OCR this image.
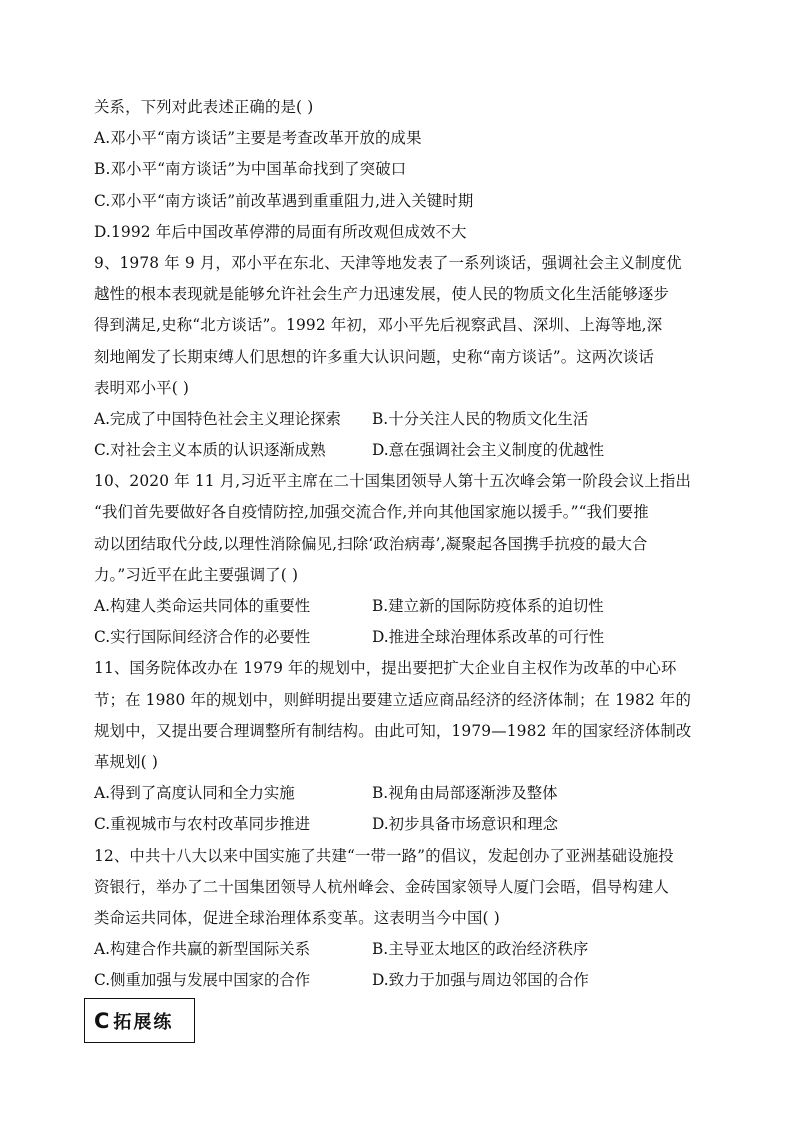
关系，下列对此表述正确的是( )
A.邓小平“南方谈话”主要是考查改革开放的成果
B.邓小平“南方谈话”为中国革命找到了突破口
C.邓小平“南方谈话”前改革遇到重重阻力,进入关键时期
D.1992 年后中国改革停滞的局面有所改观但成效不大
9、1978 年 9 月，邓小平在东北、天津等地发表了一系列谈话，强调社会主义制度优
越性的根本表现就是能够允许社会生产力迅速发展，使人民的物质文化生活能够逐步
得到满足,史称“北方谈话”。1992 年初，邓小平先后视察武昌、深圳、上海等地,深
刻地阐发了长期束缚人们思想的许多重大认识问题，史称“南方谈话”。这两次谈话
表明邓小平( )
A.完成了中国特色社会主义理论探索	B.十分关注人民的物质文化生活
C.对社会主义本质的认识逐渐成熟	D.意在强调社会主义制度的优越性
10、2020 年 11 月,习近平主席在二十国集团领导人第十五次峰会第一阶段会议上指出
“我们首先要做好各自疫情防控,加强交流合作,并向其他国家施以援手。”“我们要推
动以团结取代分歧,以理性消除偏见,扫除‘政治病毒’,凝聚起各国携手抗疫的最大合
力。”习近平在此主要强调了( )
A.构建人类命运共同体的重要性	B.建立新的国际防疫体系的迫切性
C.实行国际间经济合作的必要性	D.推进全球治理体系改革的可行性
11、国务院体改办在 1979 年的规划中，提出要把扩大企业自主权作为改革的中心环
节；在 1980 年的规划中，则鲜明提出要建立适应商品经济的经济体制；在 1982 年的
规划中，又提出要合理调整所有制结构。由此可知，1979—1982 年的国家经济体制改
革规划( )
A.得到了高度认同和全力实施	B.视角由局部逐渐涉及整体
C.重视城市与农村改革同步推进	D.初步具备市场意识和理念
12、中共十八大以来中国实施了共建“一带一路”的倡议，发起创办了亚洲基础设施投
资银行，举办了二十国集团领导人杭州峰会、金砖国家领导人厦门会晤，倡导构建人
类命运共同体，促进全球治理体系变革。这表明当今中国( )
A.构建合作共赢的新型国际关系	B.主导亚太地区的政治经济秩序
C.侧重加强与发展中国家的合作	D.致力于加强与周边邻国的合作
C 拓展练
